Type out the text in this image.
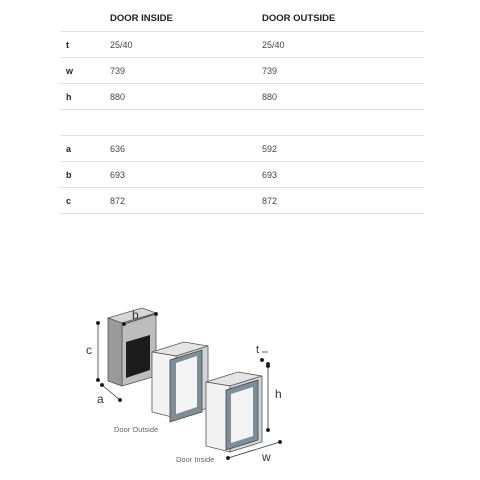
	DOOR INSIDE	DOOR OUTSIDE
t	25/40	25/40
w	739	739
h	880	880

a	636	592
b	693	693
c	872	872
b
c
a
t
h
w
Door Outside
Door Inside
